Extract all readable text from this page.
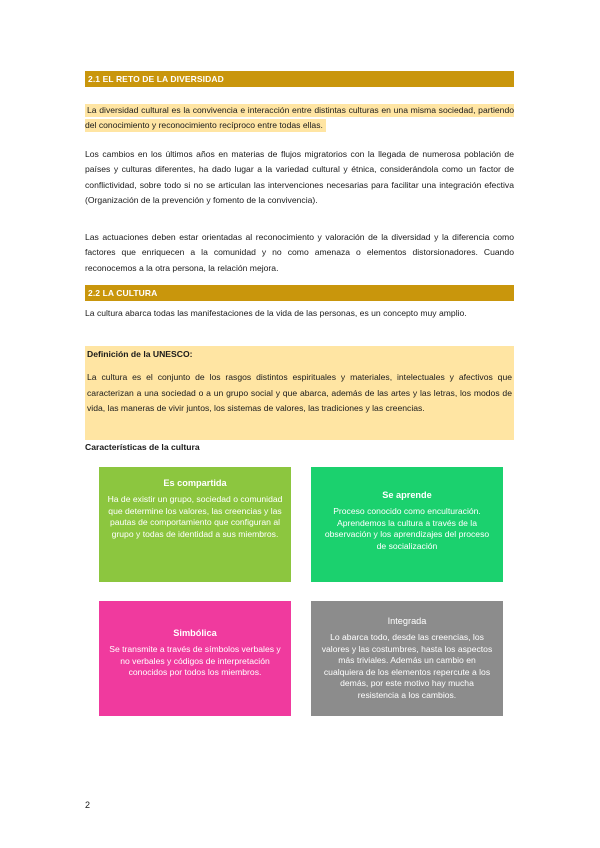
2.1 EL RETO DE LA DIVERSIDAD

La diversidad cultural es la convivencia e interacción entre distintas culturas en una misma sociedad, partiendo del conocimiento y reconocimiento recíproco entre todas ellas.

Los cambios en los últimos años en materias de flujos migratorios con la llegada de numerosa población de países y culturas diferentes, ha dado lugar a la variedad cultural y étnica, considerándola como un factor de conflictividad, sobre todo si no se articulan las intervenciones necesarias para facilitar una integración efectiva (Organización de la prevención y fomento de la convivencia).

Las actuaciones deben estar orientadas al reconocimiento y valoración de la diversidad y la diferencia como factores que enriquecen a la comunidad y no como amenaza o elementos distorsionadores. Cuando reconocemos a la otra persona, la relación mejora.

2.2 LA CULTURA

La cultura abarca todas las manifestaciones de la vida de las personas, es un concepto muy amplio.

Definición de la UNESCO:
La cultura es el conjunto de los rasgos distintos espirituales y materiales, intelectuales y afectivos que caracterizan a una sociedad o a un grupo social y que abarca, además de las artes y las letras, los modos de vida, las maneras de vivir juntos, los sistemas de valores, las tradiciones y las creencias.
Características de la cultura
Es compartida
Ha de existir un grupo, sociedad o comunidad que determine los valores, las creencias y las pautas de comportamiento que configuran al grupo y todas de identidad a sus miembros.
Se aprende
Proceso conocido como enculturación. Aprendemos la cultura a través de la observación y los aprendizajes del proceso de socialización
Simbólica
Se transmite a través de símbolos verbales y no verbales y códigos de interpretación conocidos por todos los miembros.
Integrada
Lo abarca todo, desde las creencias, los valores y las costumbres, hasta los aspectos más triviales. Además un cambio en cualquiera de los elementos repercute a los demás, por este motivo hay mucha resistencia a los cambios.
2
